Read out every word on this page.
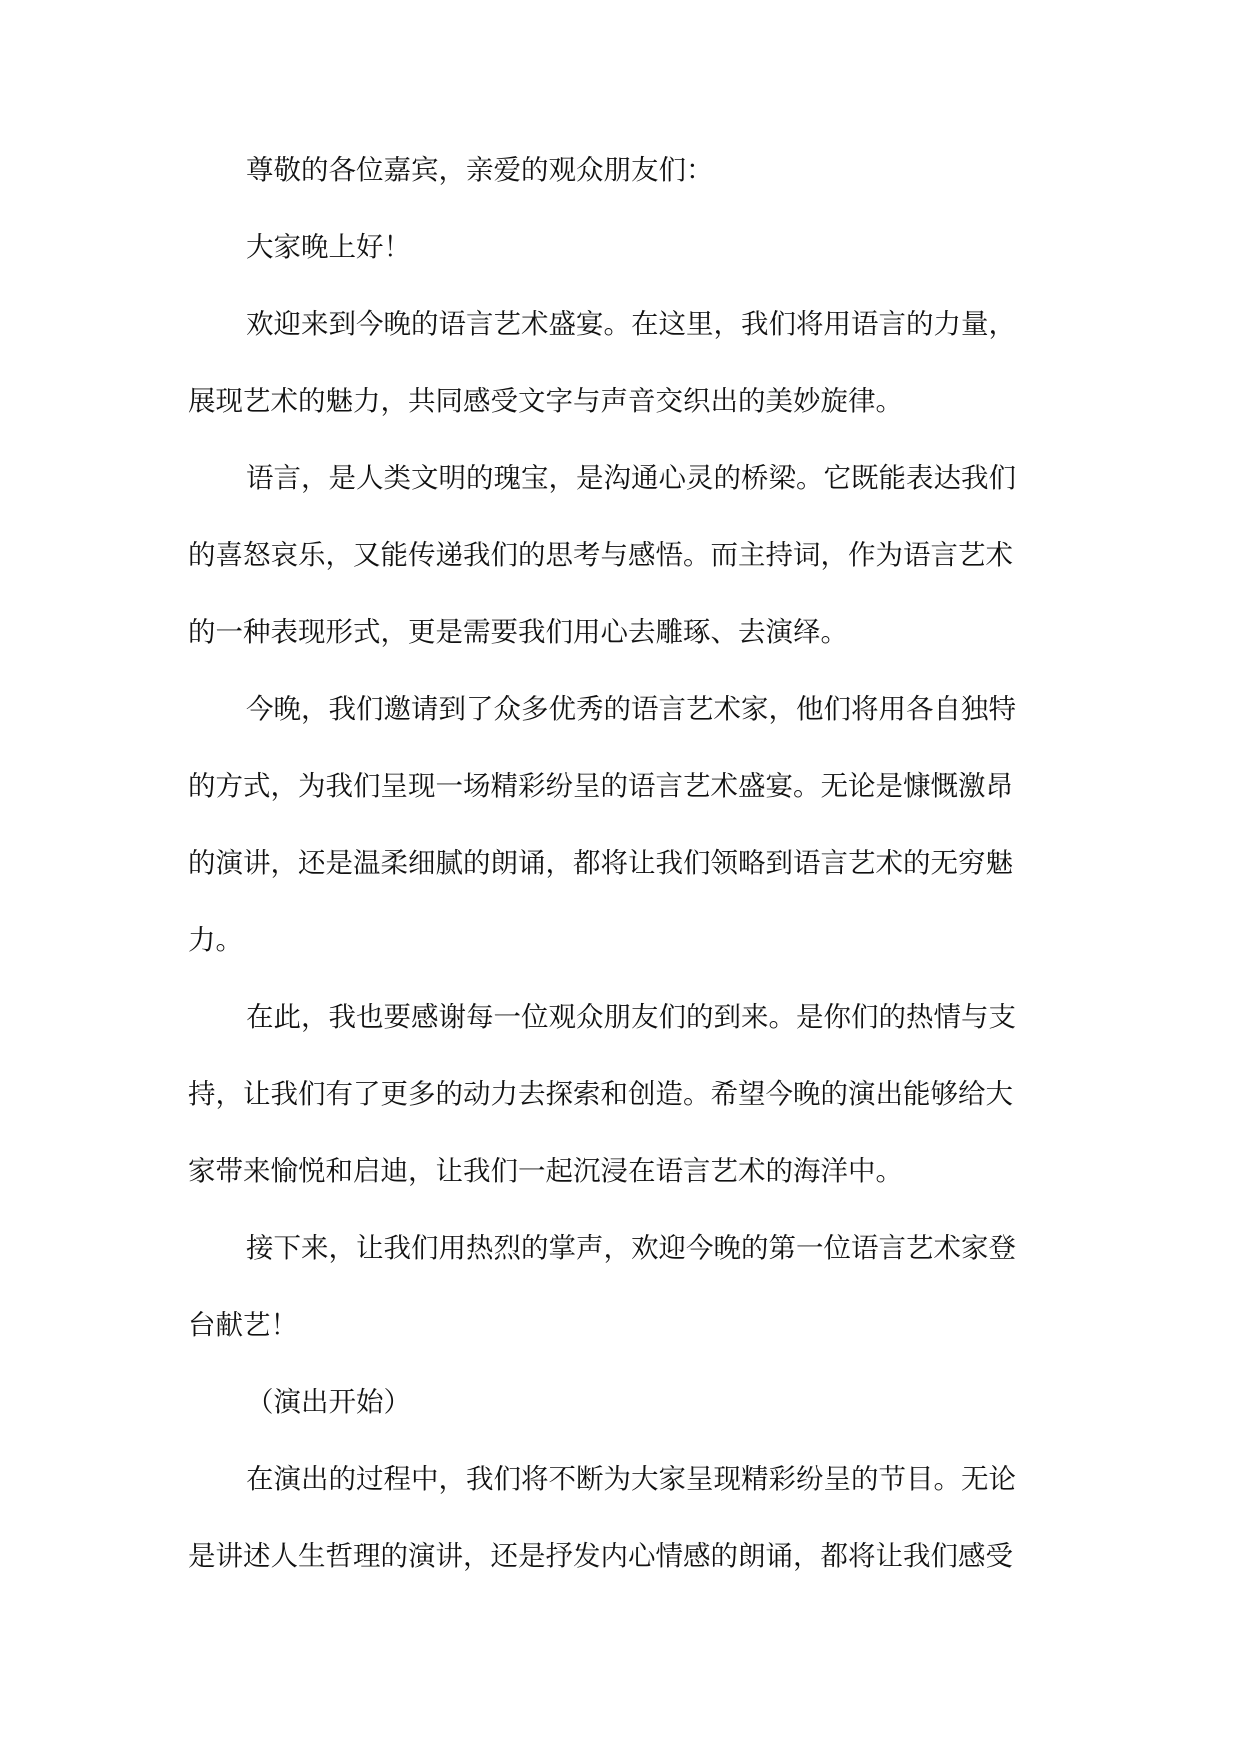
尊敬的各位嘉宾，亲爱的观众朋友们：
大家晚上好！
欢迎来到今晚的语言艺术盛宴。在这里，我们将用语言的力量，
展现艺术的魅力，共同感受文字与声音交织出的美妙旋律。
语言，是人类文明的瑰宝，是沟通心灵的桥梁。它既能表达我们
的喜怒哀乐，又能传递我们的思考与感悟。而主持词，作为语言艺术
的一种表现形式，更是需要我们用心去雕琢、去演绎。
今晚，我们邀请到了众多优秀的语言艺术家，他们将用各自独特
的方式，为我们呈现一场精彩纷呈的语言艺术盛宴。无论是慷慨激昂
的演讲，还是温柔细腻的朗诵，都将让我们领略到语言艺术的无穷魅
力。
在此，我也要感谢每一位观众朋友们的到来。是你们的热情与支
持，让我们有了更多的动力去探索和创造。希望今晚的演出能够给大
家带来愉悦和启迪，让我们一起沉浸在语言艺术的海洋中。
接下来，让我们用热烈的掌声，欢迎今晚的第一位语言艺术家登
台献艺！
（演出开始）
在演出的过程中，我们将不断为大家呈现精彩纷呈的节目。无论
是讲述人生哲理的演讲，还是抒发内心情感的朗诵，都将让我们感受
